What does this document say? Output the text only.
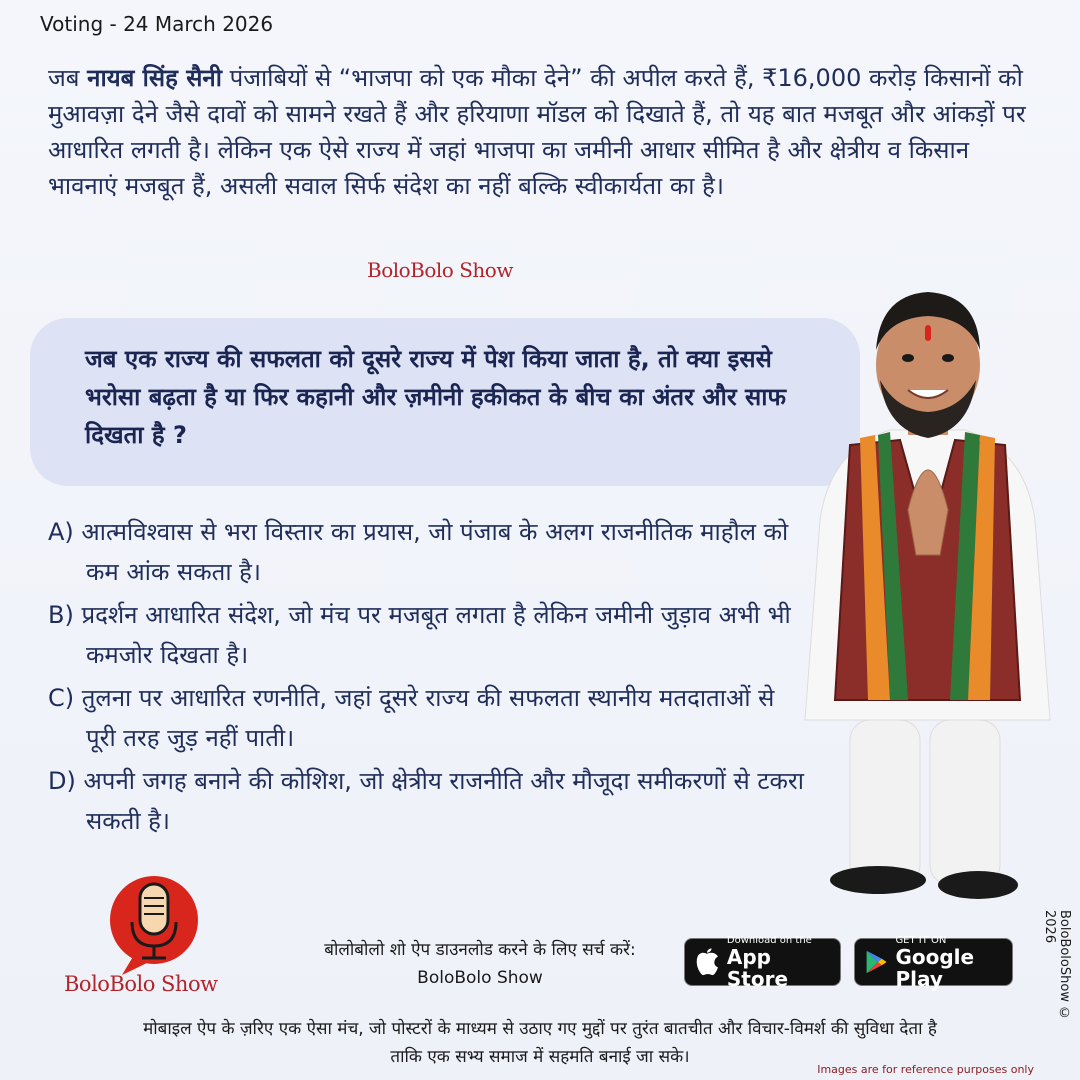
Voting - 24 March 2026
जब नायब सिंह सैनी पंजाबियों से “भाजपा को एक मौका देने” की अपील करते हैं, ₹16,000 करोड़ किसानों को मुआवज़ा देने जैसे दावों को सामने रखते हैं और हरियाणा मॉडल को दिखाते हैं, तो यह बात मजबूत और आंकड़ों पर आधारित लगती है। लेकिन एक ऐसे राज्य में जहां भाजपा का जमीनी आधार सीमित है और क्षेत्रीय व किसान भावनाएं मजबूत हैं, असली सवाल सिर्फ संदेश का नहीं बल्कि स्वीकार्यता का है।
BoloBolo Show
जब एक राज्य की सफलता को दूसरे राज्य में पेश किया जाता है, तो क्या इससे भरोसा बढ़ता है या फिर कहानी और ज़मीनी हकीकत के बीच का अंतर और साफ दिखता है ?
A) आत्मविश्वास से भरा विस्तार का प्रयास, जो पंजाब के अलग राजनीतिक माहौल को कम आंक सकता है।
B) प्रदर्शन आधारित संदेश, जो मंच पर मजबूत लगता है लेकिन जमीनी जुड़ाव अभी भी कमजोर दिखता है।
C) तुलना पर आधारित रणनीति, जहां दूसरे राज्य की सफलता स्थानीय मतदाताओं से पूरी तरह जुड़ नहीं पाती।
D) अपनी जगह बनाने की कोशिश, जो क्षेत्रीय राजनीति और मौजूदा समीकरणों से टकरा सकती है।
BoloBolo Show
बोलोबोलो शो ऐप डाउनलोड करने के लिए सर्च करें:
BoloBolo Show
Download on the
App Store
GET IT ON
Google Play
मोबाइल ऐप के ज़रिए एक ऐसा मंच, जो पोस्टरों के माध्यम से उठाए गए मुद्दों पर तुरंत बातचीत और विचार-विमर्श की सुविधा देता है
ताकि एक सभ्य समाज में सहमति बनाई जा सके।
BoloBoloShow © 2026
Images are for reference purposes only
